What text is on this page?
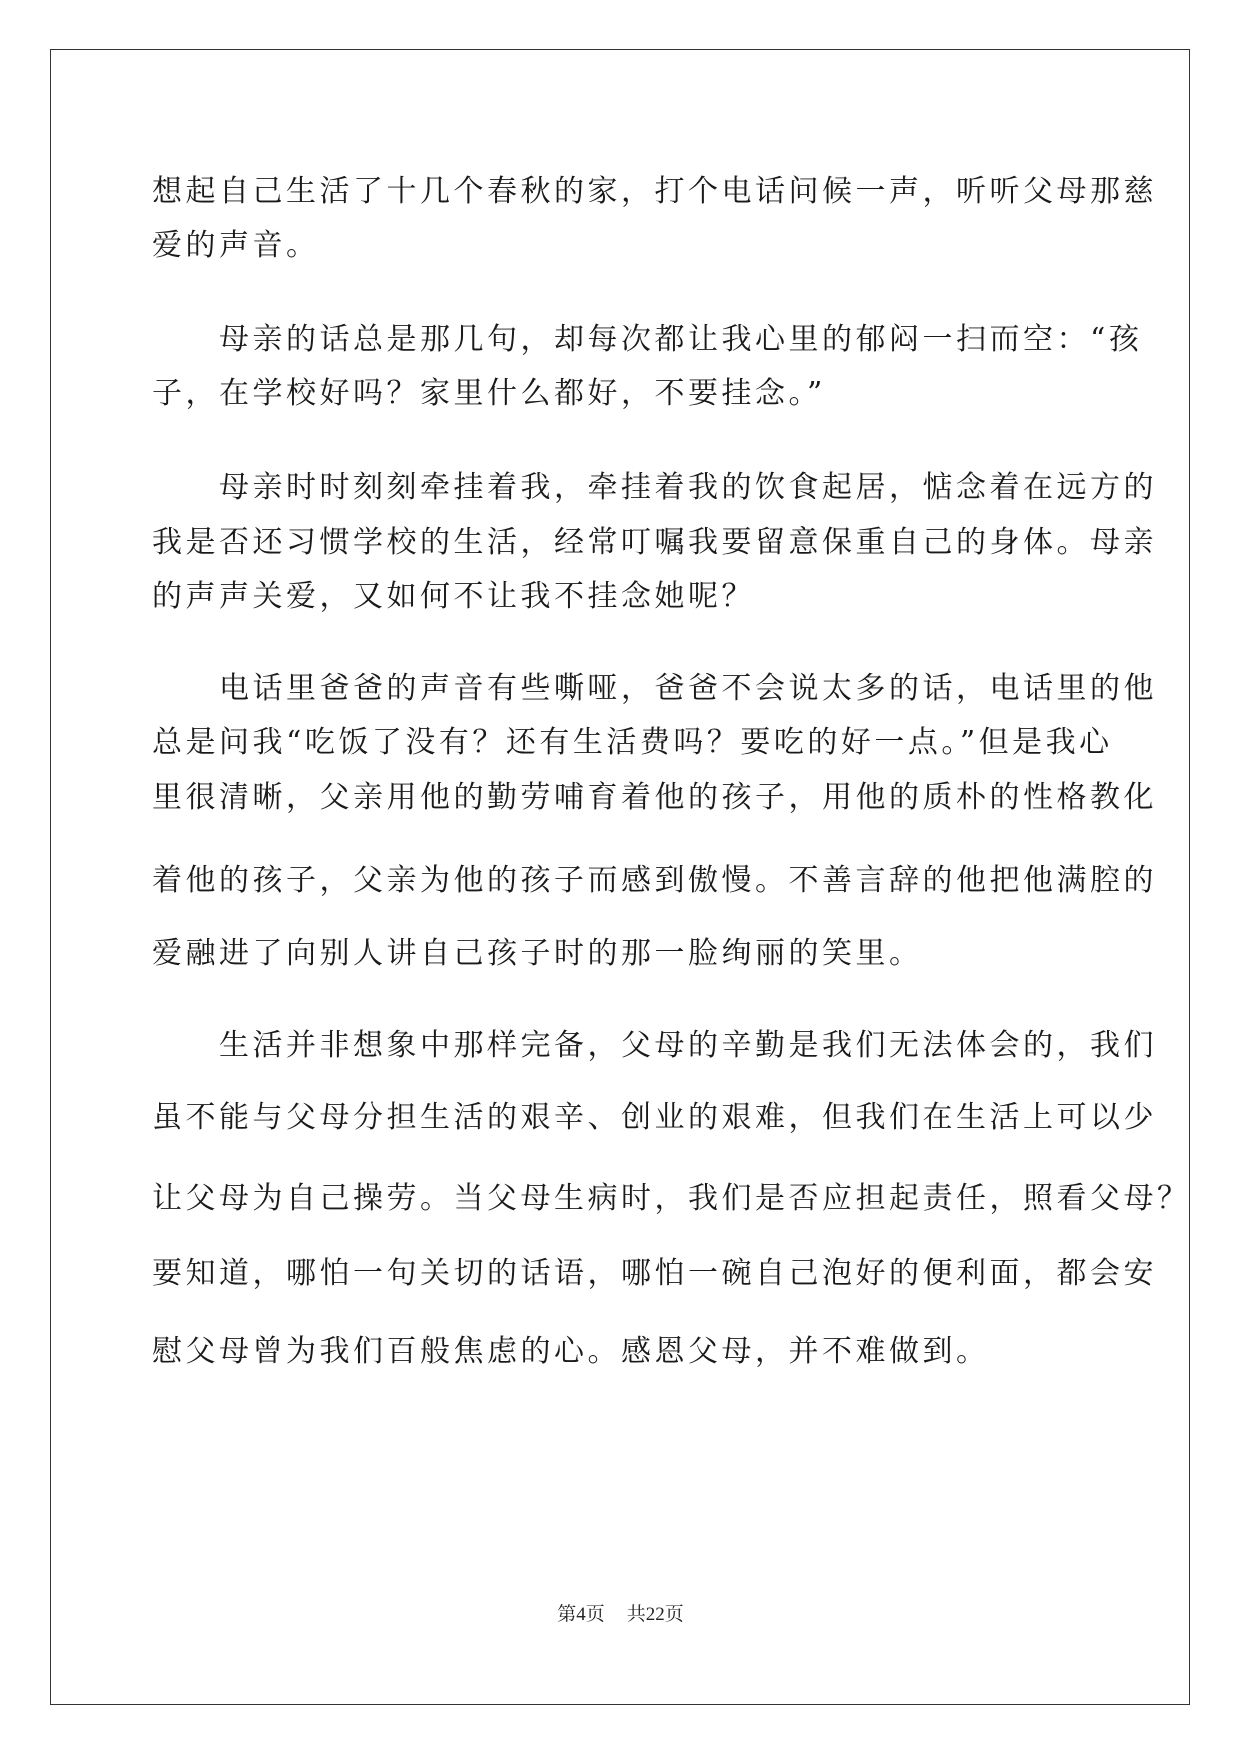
想起自己生活了十几个春秋的家，打个电话问候一声，听听父母那慈
爱的声音。
　　母亲的话总是那几句，却每次都让我心里的郁闷一扫而空：“孩
子，在学校好吗？家里什么都好，不要挂念。”
　　母亲时时刻刻牵挂着我，牵挂着我的饮食起居，惦念着在远方的
我是否还习惯学校的生活，经常叮嘱我要留意保重自己的身体。母亲
的声声关爱，又如何不让我不挂念她呢？
　　电话里爸爸的声音有些嘶哑，爸爸不会说太多的话，电话里的他
总是问我“吃饭了没有？还有生活费吗？要吃的好一点。”但是我心
里很清晰，父亲用他的勤劳哺育着他的孩子，用他的质朴的性格教化
着他的孩子，父亲为他的孩子而感到傲慢。不善言辞的他把他满腔的
爱融进了向别人讲自己孩子时的那一脸绚丽的笑里。
　　生活并非想象中那样完备，父母的辛勤是我们无法体会的，我们
虽不能与父母分担生活的艰辛、创业的艰难，但我们在生活上可以少
让父母为自己操劳。当父母生病时，我们是否应担起责任，照看父母？
要知道，哪怕一句关切的话语，哪怕一碗自己泡好的便利面，都会安
慰父母曾为我们百般焦虑的心。感恩父母，并不难做到。
第4页 共22页
